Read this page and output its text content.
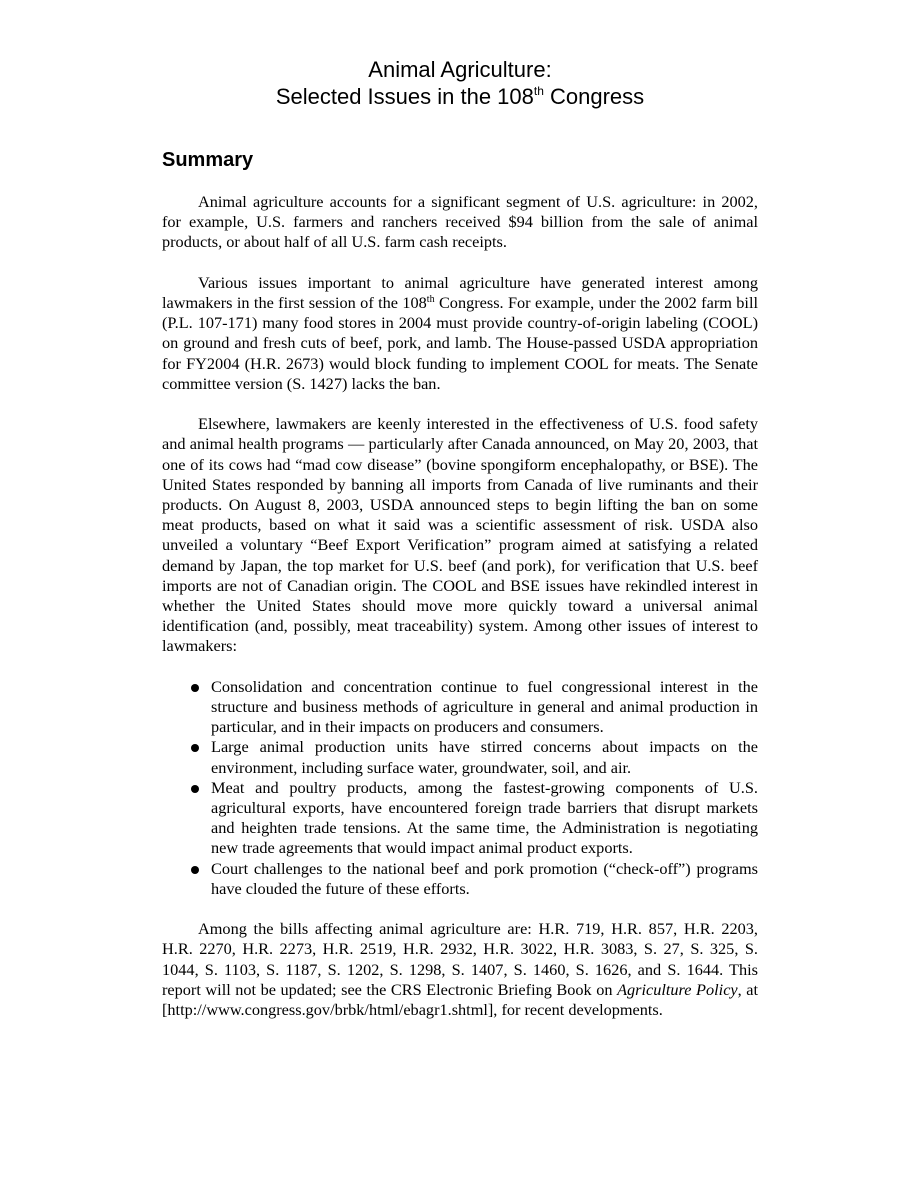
Animal Agriculture:
Selected Issues in the 108th Congress
Summary

Animal agriculture accounts for a significant segment of U.S. agriculture: in 2002, for example, U.S. farmers and ranchers received $94 billion from the sale of animal products, or about half of all U.S. farm cash receipts.

Various issues important to animal agriculture have generated interest among lawmakers in the first session of the 108th Congress. For example, under the 2002 farm bill (P.L. 107-171) many food stores in 2004 must provide country-of-origin labeling (COOL) on ground and fresh cuts of beef, pork, and lamb. The House-passed USDA appropriation for FY2004 (H.R. 2673) would block funding to implement COOL for meats. The Senate committee version (S. 1427) lacks the ban.

Elsewhere, lawmakers are keenly interested in the effectiveness of U.S. food safety and animal health programs — particularly after Canada announced, on May 20, 2003, that one of its cows had “mad cow disease” (bovine spongiform encephalopathy, or BSE). The United States responded by banning all imports from Canada of live ruminants and their products. On August 8, 2003, USDA announced steps to begin lifting the ban on some meat products, based on what it said was a scientific assessment of risk. USDA also unveiled a voluntary “Beef Export Verification” program aimed at satisfying a related demand by Japan, the top market for U.S. beef (and pork), for verification that U.S. beef imports are not of Canadian origin. The COOL and BSE issues have rekindled interest in whether the United States should move more quickly toward a universal animal identification (and, possibly, meat traceability) system. Among other issues of interest to lawmakers:

Consolidation and concentration continue to fuel congressional interest in the structure and business methods of agriculture in general and animal production in particular, and in their impacts on producers and consumers.
Large animal production units have stirred concerns about impacts on the environment, including surface water, groundwater, soil, and air.
Meat and poultry products, among the fastest-growing components of U.S. agricultural exports, have encountered foreign trade barriers that disrupt markets and heighten trade tensions. At the same time, the Administration is negotiating new trade agreements that would impact animal product exports.
Court challenges to the national beef and pork promotion (“check-off”) programs have clouded the future of these efforts.

Among the bills affecting animal agriculture are: H.R. 719, H.R. 857, H.R. 2203, H.R. 2270, H.R. 2273, H.R. 2519, H.R. 2932, H.R. 3022, H.R. 3083, S. 27, S. 325, S. 1044, S. 1103, S. 1187, S. 1202, S. 1298, S. 1407, S. 1460, S. 1626, and S. 1644. This report will not be updated; see the CRS Electronic Briefing Book on Agriculture Policy, at [http://www.congress.gov/brbk/html/ebagr1.shtml], for recent developments.
